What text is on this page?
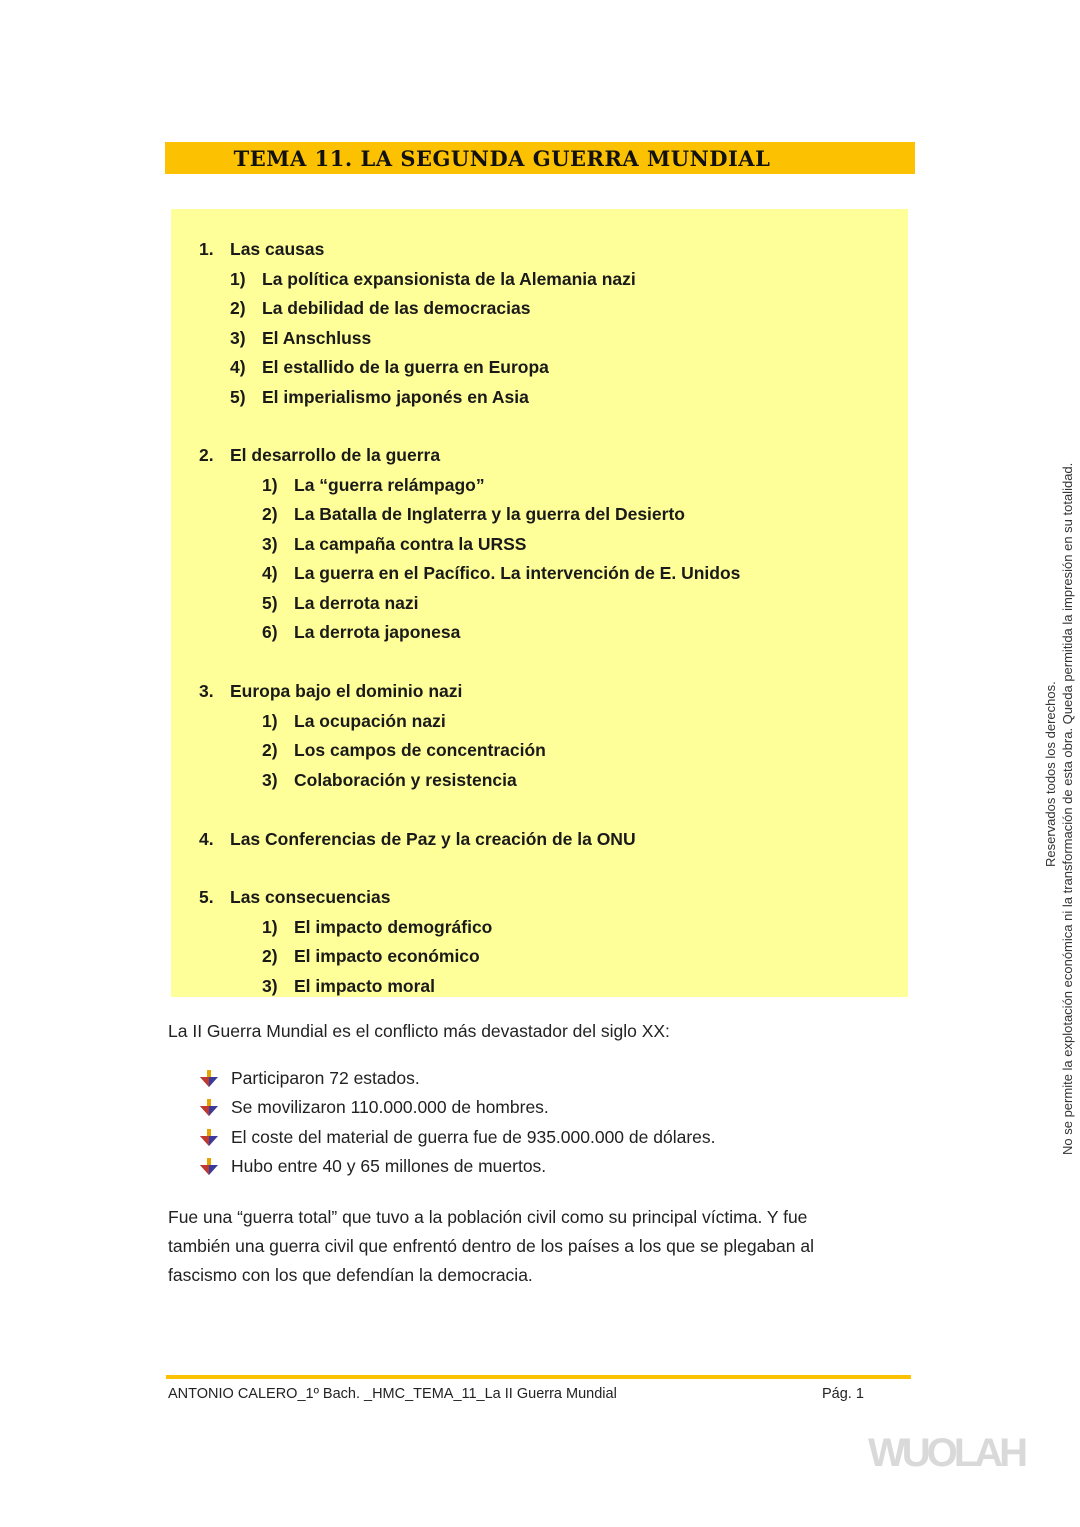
TEMA 11. LA SEGUNDA GUERRA MUNDIAL
1. Las causas
1) La política expansionista de la Alemania nazi
2) La debilidad de las democracias
3) El Anschluss
4) El estallido de la guerra en Europa
5) El imperialismo japonés en Asia
2. El desarrollo de la guerra
1) La “guerra relámpago”
2) La Batalla de Inglaterra y la guerra del Desierto
3) La campaña contra la URSS
4) La guerra en el Pacífico. La intervención de E. Unidos
5) La derrota nazi
6) La derrota japonesa
3. Europa bajo el dominio nazi
1) La ocupación nazi
2) Los campos de concentración
3) Colaboración y resistencia
4. Las Conferencias de Paz y la creación de la ONU
5. Las consecuencias
1) El impacto demográfico
2) El impacto económico
3) El impacto moral
La II Guerra Mundial es el conflicto más devastador del siglo XX:
Participaron 72 estados.
Se movilizaron 110.000.000 de hombres.
El coste del material de guerra fue de 935.000.000 de dólares.
Hubo entre 40 y 65 millones de muertos.
Fue una “guerra total” que tuvo a la población civil como su principal víctima. Y fue
también una guerra civil que enfrentó dentro de los países a los que se plegaban al
fascismo con los que defendían la democracia.
ANTONIO CALERO_1º Bach. _HMC_TEMA_11_La II Guerra Mundial	Pág. 1
Reservados todos los derechos. No se permite la explotación económica ni la transformación de esta obra. Queda permitida la impresión en su totalidad.
WUOLAH
